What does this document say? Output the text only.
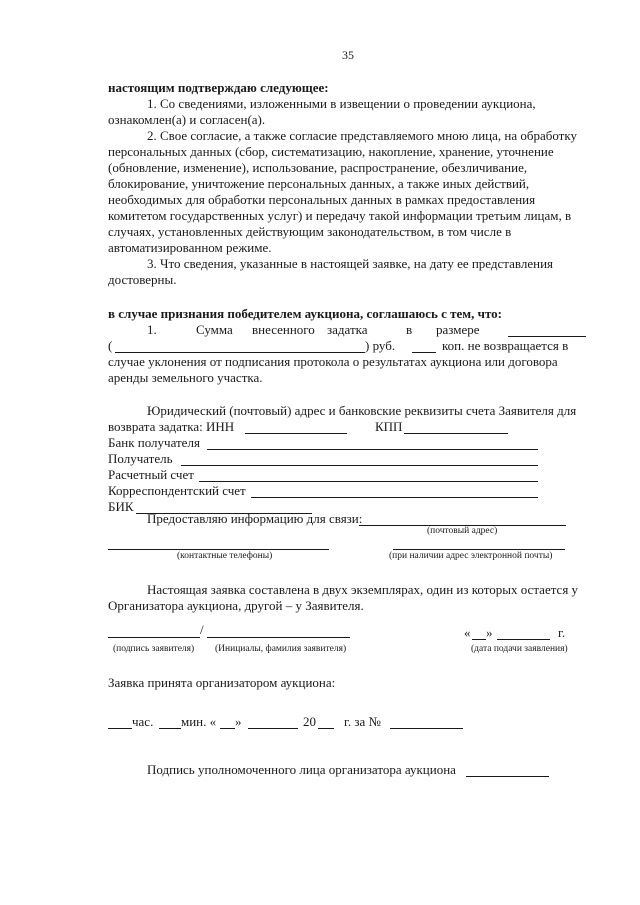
35
настоящим подтверждаю следующее:
1. Со сведениями, изложенными в извещении о проведении аукциона,
ознакомлен(а) и согласен(а).
2. Свое согласие, а также согласие представляемого мною лица, на обработку
персональных данных (сбор, систематизацию, накопление, хранение, уточнение
(обновление, изменение), использование, распространение, обезличивание,
блокирование, уничтожение персональных данных, а также иных действий,
необходимых для обработки персональных данных в рамках предоставления
комитетом государственных услуг) и передачу такой информации третьим лицам, в
случаях, установленных действующим законодательством, в том числе в
автоматизированном режиме.
3. Что сведения, указанные в настоящей заявке, на дату ее представления
достоверны.
в случае признания победителем аукциона, соглашаюсь с тем, что:
1.	Сумма внесенного задатка	в размере
(	) руб.	коп. не возвращается в
случае уклонения от подписания протокола о результатах аукциона или договора
аренды земельного участка.
Юридический (почтовый) адрес и банковские реквизиты счета Заявителя для
возврата задатка: ИНН	КПП
Банк получателя
Получатель
Расчетный счет
Корреспондентский счет
БИК
Предоставляю информацию для связи:
(почтовый адрес)
(контактные телефоны)	(при наличии адрес электронной почты)
Настоящая заявка составлена в двух экземплярах, один из которых остается у
Организатора аукциона, другой – у Заявителя.
/
(подпись заявителя) (Инициалы, фамилия заявителя)
« »	г.
(дата подачи заявления)
Заявка принята организатором аукциона:
час. мин. « »	20 г. за №
Подпись уполномоченного лица организатора аукциона
